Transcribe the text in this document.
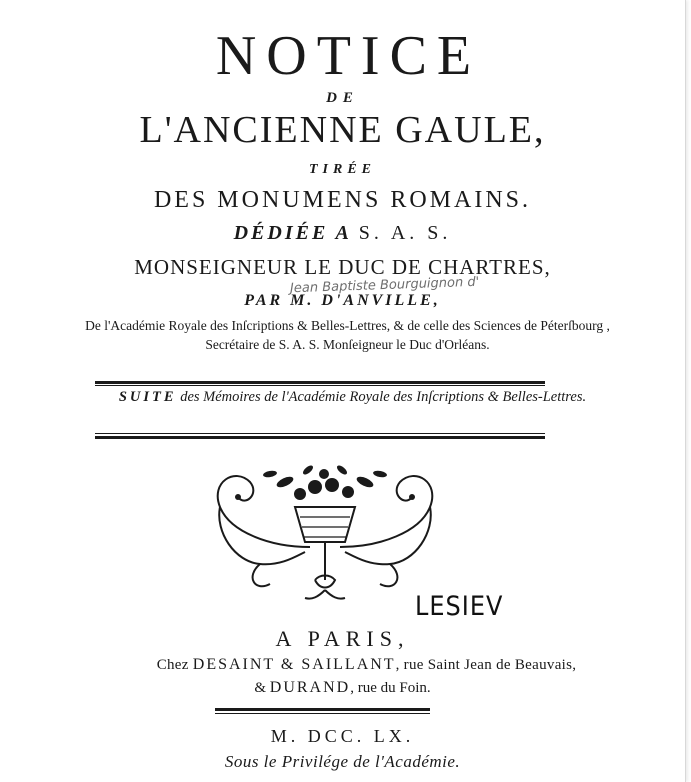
NOTICE
DE
L'ANCIENNE GAULE,
TIRÉE
DES MONUMENS ROMAINS.
DÉDIÉE A S. A. S.
MONSEIGNEUR LE DUC DE CHARTRES,
Jean Baptiste Bourguignon d'
PAR M. D'ANVILLE,
De l'Académie Royale des Inſcriptions & Belles-Lettres, & de celle des Sciences de Péterſbourg , Secrétaire de S. A. S. Monſeigneur le Duc d'Orléans.
SUITE des Mémoires de l'Académie Royale des Inſcriptions & Belles-Lettres.
LESIEV
A PARIS,
Chez DESAINT & SAILLANT, rue Saint Jean de Beauvais,
& DURAND, rue du Foin.
M. DCC. LX.
Sous le Privilége de l'Académie.
